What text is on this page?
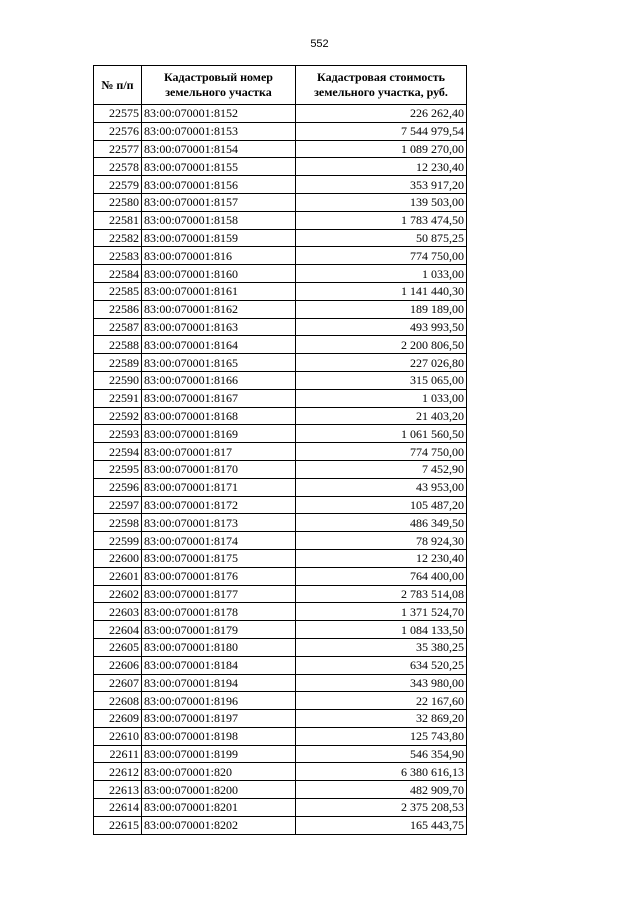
552
№ п/п	Кадастровый номер земельного участка	Кадастровая стоимость земельного участка, руб.
22575	83:00:070001:8152	226 262,40
22576	83:00:070001:8153	7 544 979,54
22577	83:00:070001:8154	1 089 270,00
22578	83:00:070001:8155	12 230,40
22579	83:00:070001:8156	353 917,20
22580	83:00:070001:8157	139 503,00
22581	83:00:070001:8158	1 783 474,50
22582	83:00:070001:8159	50 875,25
22583	83:00:070001:816	774 750,00
22584	83:00:070001:8160	1 033,00
22585	83:00:070001:8161	1 141 440,30
22586	83:00:070001:8162	189 189,00
22587	83:00:070001:8163	493 993,50
22588	83:00:070001:8164	2 200 806,50
22589	83:00:070001:8165	227 026,80
22590	83:00:070001:8166	315 065,00
22591	83:00:070001:8167	1 033,00
22592	83:00:070001:8168	21 403,20
22593	83:00:070001:8169	1 061 560,50
22594	83:00:070001:817	774 750,00
22595	83:00:070001:8170	7 452,90
22596	83:00:070001:8171	43 953,00
22597	83:00:070001:8172	105 487,20
22598	83:00:070001:8173	486 349,50
22599	83:00:070001:8174	78 924,30
22600	83:00:070001:8175	12 230,40
22601	83:00:070001:8176	764 400,00
22602	83:00:070001:8177	2 783 514,08
22603	83:00:070001:8178	1 371 524,70
22604	83:00:070001:8179	1 084 133,50
22605	83:00:070001:8180	35 380,25
22606	83:00:070001:8184	634 520,25
22607	83:00:070001:8194	343 980,00
22608	83:00:070001:8196	22 167,60
22609	83:00:070001:8197	32 869,20
22610	83:00:070001:8198	125 743,80
22611	83:00:070001:8199	546 354,90
22612	83:00:070001:820	6 380 616,13
22613	83:00:070001:8200	482 909,70
22614	83:00:070001:8201	2 375 208,53
22615	83:00:070001:8202	165 443,75
